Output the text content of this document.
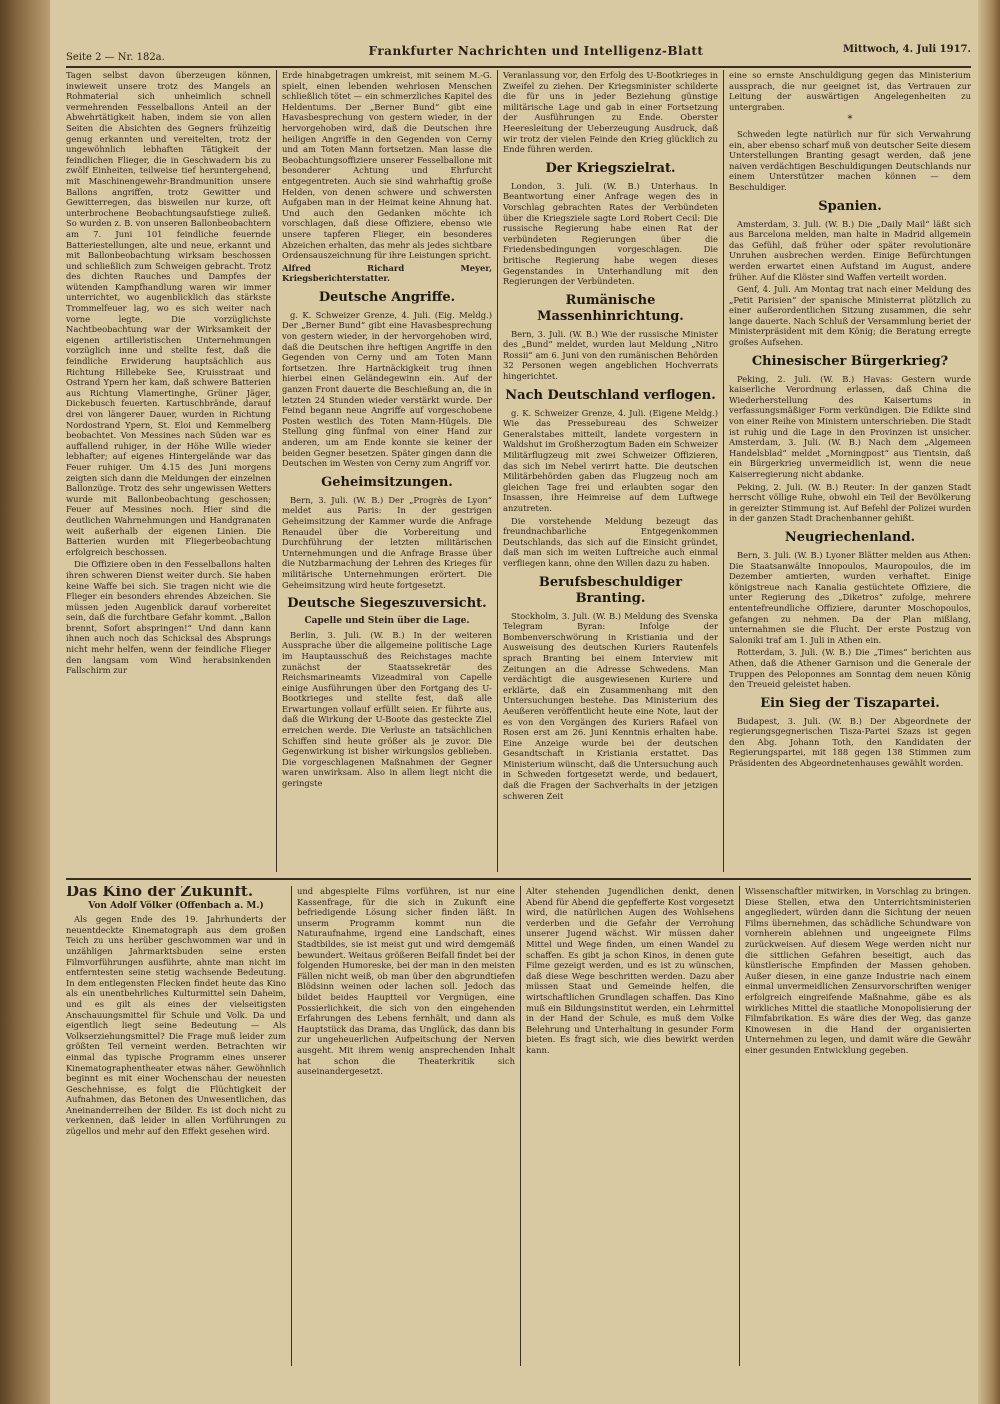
Seite 2 — Nr. 182a.	Frankfurter Nachrichten und Intelligenz-Blatt	Mittwoch, 4. Juli 1917.

Tagen selbst davon überzeugen können, inwieweit unsere trotz des Mangels an Rohmaterial sich unheimlich schnell vermehrenden Fesselballons Anteil an der Abwehrtätigkeit haben, indem sie von allen Seiten die Absichten des Gegners frühzeitig genug erkannten und vereitelten, trotz der ungewöhnlich lebhaften Tätigkeit der feindlichen Flieger, die in Geschwadern bis zu zwölf Einheiten, teilweise tief heruntergehend, mit Maschinengewehr-Brandmunition unsere Ballons angriffen, trotz Gewitter und Gewitterregen, das bisweilen nur kurze, oft unterbrochene Beobachtungsaufstiege zuließ. So wurden z. B. von unseren Ballonbeobachtern am 7. Juni 101 feindliche feuernde Batteriestellungen, alte und neue, erkannt und mit Ballonbeobachtung wirksam beschossen und schließlich zum Schweigen gebracht. Trotz des dichten Rauches und Dampfes der wütenden Kampfhandlung waren wir immer unterrichtet, wo augenblicklich das stärkste Trommelfeuer lag, wo es sich weiter nach vorne legte. Die vorzüglichste Nachtbeobachtung war der Wirksamkeit der eigenen artilleristischen Unternehmungen vorzüglich inne und stellte fest, daß die feindliche Erwiderung hauptsächlich aus Richtung Hillebeke See, Kruisstraat und Ostrand Ypern her kam, daß schwere Batterien aus Richtung Vlamertinghe, Grüner Jäger, Dickebusch feuerten. Kartuschbrände, darauf drei von längerer Dauer, wurden in Richtung Nordostrand Ypern, St. Eloi und Kemmelberg beobachtet. Von Messines nach Süden war es auffallend ruhiger, in der Höhe Wille wieder lebhafter; auf eigenes Hintergelände war das Feuer ruhiger. Um 4.15 des Juni morgens zeigten sich dann die Meldungen der einzelnen Ballonzüge. Trotz des sehr ungewissen Wetters wurde mit Ballonbeobachtung geschossen; Feuer auf Messines noch. Hier sind die deutlichen Wahrnehmungen und Handgranaten weit außerhalb der eigenen Linien. Die Batterien wurden mit Fliegerbeobachtung erfolgreich beschossen.

Die Offiziere oben in den Fesselballons halten ihren schweren Dienst weiter durch. Sie haben keine Waffe bei sich. Sie tragen nicht wie die Flieger ein besonders ehrendes Abzeichen. Sie müssen jeden Augenblick darauf vorbereitet sein, daß die furchtbare Gefahr kommt. „Ballon brennt, Sofort abspringen!“ Und dann kann ihnen auch noch das Schicksal des Absprungs nicht mehr helfen, wenn der feindliche Flieger den langsam vom Wind herabsinkenden Fallschirm zur

Erde hinabgetragen umkreist, mit seinem M.-G. spielt, einen lebenden wehrlosen Menschen schließlich tötet — ein schmerzliches Kapitel des Heldentums. Der „Berner Bund“ gibt eine Havasbesprechung von gestern wieder, in der hervorgehoben wird, daß die Deutschen ihre heiligen Angriffe in den Gegenden von Cerny und am Toten Mann fortsetzen. Man lasse die Beobachtungsoffiziere unserer Fesselballone mit besonderer Achtung und Ehrfurcht entgegentreten. Auch sie sind wahrhaftig große Helden, von denen schwere und schwersten Aufgaben man in der Heimat keine Ahnung hat. Und auch den Gedanken möchte ich vorschlagen, daß diese Offiziere, ebenso wie unsere tapferen Flieger, ein besonderes Abzeichen erhalten, das mehr als jedes sichtbare Ordensauszeichnung für ihre Leistungen spricht.

Alfred Richard Meyer, Kriegsberichterstatter.

Deutsche Angriffe.

g. K. Schweizer Grenze, 4. Juli. (Eig. Meldg.) Der „Berner Bund“ gibt eine Havasbesprechung von gestern wieder, in der hervorgehoben wird, daß die Deutschen ihre heftigen Angriffe in den Gegenden von Cerny und am Toten Mann fortsetzen. Ihre Hartnäckigkeit trug ihnen hierbei einen Geländegewinn ein. Auf der ganzen Front dauerte die Beschießung an, die in letzten 24 Stunden wieder verstärkt wurde. Der Feind begann neue Angriffe auf vorgeschobene Posten westlich des Toten Mann-Hügels. Die Stellung ging fünfmal von einer Hand zur anderen, um am Ende konnte sie keiner der beiden Gegner besetzen. Später gingen dann die Deutschen im Westen von Cerny zum Angriff vor.

Geheimsitzungen.

Bern, 3. Juli. (W. B.) Der „Progrès de Lyon“ meldet aus Paris: In der gestrigen Geheimsitzung der Kammer wurde die Anfrage Renaudel über die Vorbereitung und Durchführung der letzten militärischen Unternehmungen und die Anfrage Brasse über die Nutzbarmachung der Lehren des Krieges für militärische Unternehmungen erörtert. Die Geheimsitzung wird heute fortgesetzt.

Deutsche Siegeszuversicht.
Capelle und Stein über die Lage.

Berlin, 3. Juli. (W. B.) In der weiteren Aussprache über die allgemeine politische Lage im Hauptausschuß des Reichstages machte zunächst der Staatssekretär des Reichsmarineamts Vizeadmiral von Capelle einige Ausführungen über den Fortgang des U-Bootkrieges und stellte fest, daß alle Erwartungen vollauf erfüllt seien. Er führte aus, daß die Wirkung der U-Boote das gesteckte Ziel erreichen werde. Die Verluste an tatsächlichen Schiffen sind heute größer als je zuvor. Die Gegenwirkung ist bisher wirkungslos geblieben. Die vorgeschlagenen Maßnahmen der Gegner waren unwirksam. Also in allem liegt nicht die geringste

Veranlassung vor, den Erfolg des U-Bootkrieges in Zweifel zu ziehen. Der Kriegsminister schilderte die für uns in jeder Beziehung günstige militärische Lage und gab in einer Fortsetzung der Ausführungen zu Ende. Oberster Heeresleitung der Ueberzeugung Ausdruck, daß wir trotz der vielen Feinde den Krieg glücklich zu Ende führen werden.

Der Kriegszielrat.

London, 3. Juli. (W. B.) Unterhaus. In Beantwortung einer Anfrage wegen des in Vorschlag gebrachten Rates der Verbündeten über die Kriegsziele sagte Lord Robert Cecil: Die russische Regierung habe einen Rat der verbündeten Regierungen über die Friedensbedingungen vorgeschlagen. Die britische Regierung habe wegen dieses Gegenstandes in Unterhandlung mit den Regierungen der Verbündeten.

Rumänische Massenhinrichtung.

Bern, 3. Juli. (W. B.) Wie der russische Minister des „Bund“ meldet, wurden laut Meldung „Nitro Rossii“ am 6. Juni von den rumänischen Behörden 32 Personen wegen angeblichen Hochverrats hingerichtet.

Nach Deutschland verflogen.

g. K. Schweizer Grenze, 4. Juli. (Eigene Meldg.) Wie das Pressebureau des Schweizer Generalstabes mitteilt, landete vorgestern in Waldshut im Großherzogtum Baden ein Schweizer Militärflugzeug mit zwei Schweizer Offizieren, das sich im Nebel verirrt hatte. Die deutschen Militärbehörden gaben das Flugzeug noch am gleichen Tage frei und erlaubten sogar den Insassen, ihre Heimreise auf dem Luftwege anzutreten.

Die vorstehende Meldung bezeugt das freundnachbarliche Entgegenkommen Deutschlands, das sich auf die Einsicht gründet, daß man sich im weiten Luftreiche auch einmal verfliegen kann, ohne den Willen dazu zu haben.

Berufsbeschuldiger Branting.

Stockholm, 3. Juli. (W. B.) Meldung des Svenska Telegram Byran: Infolge der Bombenverschwörung in Kristiania und der Ausweisung des deutschen Kuriers Rautenfels sprach Branting bei einem Interview mit Zeitungen an die Adresse Schwedens. Man verdächtigt die ausgewiesenen Kuriere und erklärte, daß ein Zusammenhang mit den Untersuchungen bestehe. Das Ministerium des Aeußeren veröffentlicht heute eine Note, laut der es von den Vorgängen des Kuriers Rafael von Rosen erst am 26. Juni Kenntnis erhalten habe. Eine Anzeige wurde bei der deutschen Gesandtschaft in Kristiania erstattet. Das Ministerium wünscht, daß die Untersuchung auch in Schweden fortgesetzt werde, und bedauert, daß die Fragen der Sachverhalts in der jetzigen schweren Zeit

eine so ernste Anschuldigung gegen das Ministerium aussprach, die nur geeignet ist, das Vertrauen zur Leitung der auswärtigen Angelegenheiten zu untergraben.

*

Schweden legte natürlich nur für sich Verwahrung ein, aber ebenso scharf muß von deutscher Seite diesem Unterstellungen Branting gesagt werden, daß jene naiven verdächtigen Beschuldigungen Deutschlands nur einem Unterstützer machen können — dem Beschuldiger.

Spanien.

Amsterdam, 3. Juli. (W. B.) Die „Daily Mail“ läßt sich aus Barcelona melden, man halte in Madrid allgemein das Gefühl, daß früher oder später revolutionäre Unruhen ausbrechen werden. Einige Befürchtungen werden erwartet einen Aufstand im August, andere früher. Auf die Klöster sind Waffen verteilt worden.

Genf, 4. Juli. Am Montag trat nach einer Meldung des „Petit Parisien“ der spanische Ministerrat plötzlich zu einer außerordentlichen Sitzung zusammen, die sehr lange dauerte. Nach Schluß der Versammlung beriet der Ministerpräsident mit dem König; die Beratung erregte großes Aufsehen.

Chinesischer Bürgerkrieg?

Peking, 2. Juli. (W. B.) Havas: Gestern wurde kaiserliche Verordnung erlassen, daß China die Wiederherstellung des Kaisertums in verfassungsmäßiger Form verkündigen. Die Edikte sind von einer Reihe von Ministern unterschrieben. Die Stadt ist ruhig und die Lage in den Provinzen ist unsicher. Amsterdam, 3. Juli. (W. B.) Nach dem „Algemeen Handelsblad“ meldet „Morningpost“ aus Tientsin, daß ein Bürgerkrieg unvermeidlich ist, wenn die neue Kaiserregierung nicht abdanke.

Peking, 2. Juli. (W. B.) Reuter: In der ganzen Stadt herrscht völlige Ruhe, obwohl ein Teil der Bevölkerung in gereizter Stimmung ist. Auf Befehl der Polizei wurden in der ganzen Stadt Drachenbanner gehißt.

Neugriechenland.

Bern, 3. Juli. (W. B.) Lyoner Blätter melden aus Athen: Die Staatsanwälte Innopoulos, Mauropoulos, die im Dezember amtierten, wurden verhaftet. Einige königstreue nach Kanalia gestüchtete Offiziere, die unter Regierung des „Diketros“ zufolge, mehrere ententefreundliche Offiziere, darunter Moschopoulos, gefangen zu nehmen. Da der Plan mißlang, unternahmen sie die Flucht. Der erste Postzug von Saloniki traf am 1. Juli in Athen ein.

Rotterdam, 3. Juli. (W. B.) Die „Times“ berichten aus Athen, daß die Athener Garnison und die Generale der Truppen des Peloponnes am Sonntag dem neuen König den Treueid geleistet haben.

Ein Sieg der Tiszapartei.

Budapest, 3. Juli. (W. B.) Der Abgeordnete der regierungsgegnerischen Tisza-Partei Szazs ist gegen den Abg. Johann Toth, den Kandidaten der Regierungspartei, mit 188 gegen 138 Stimmen zum Präsidenten des Abgeordnetenhauses gewählt worden.

Das Kino der Zukunft.
Von Adolf Völker (Offenbach a. M.)

Als gegen Ende des 19. Jahrhunderts der neuentdeckte Kinematograph aus dem großen Teich zu uns herüber geschwommen war und in unzähligen Jahrmarktsbuden seine ersten Filmvorführungen ausführte, ahnte man nicht im entferntesten seine stetig wachsende Bedeutung. In dem entlegensten Flecken findet heute das Kino als ein unentbehrliches Kulturmittel sein Daheim, und es gilt als eines der vielseitigsten Anschauungsmittel für Schule und Volk. Da und eigentlich liegt seine Bedeutung — Als Volkserziehungsmittel? Die Frage muß leider zum größten Teil verneint werden. Betrachten wir einmal das typische Programm eines unserer Kinematographentheater etwas näher. Gewöhnlich beginnt es mit einer Wochenschau der neuesten Geschehnisse, es folgt die Flüchtigkeit der Aufnahmen, das Betonen des Unwesentlichen, das Aneinanderreihen der Bilder. Es ist doch nicht zu verkennen, daß leider in allen Vorführungen zu zügellos und mehr auf den Effekt gesehen wird.

und abgespielte Films vorführen, ist nur eine Kassenfrage, für die sich in Zukunft eine befriedigende Lösung sicher finden läßt. In unserm Programm kommt nun die Naturaufnahme, irgend eine Landschaft, eines Stadtbildes, sie ist meist gut und wird demgemäß bewundert. Weitaus größeren Beifall findet bei der folgenden Humoreske, bei der man in den meisten Fällen nicht weiß, ob man über den abgrundtiefen Blödsinn weinen oder lachen soll. Jedoch das bildet beides Hauptteil vor Vergnügen, eine Possierlichkeit, die sich von den eingehenden Erfahrungen des Lebens fernhält, und dann als Hauptstück das Drama, das Unglück, das dann bis zur ungeheuerlichen Aufpeitschung der Nerven ausgeht. Mit ihrem wenig ansprechenden Inhalt hat schon die Theaterkritik sich auseinandergesetzt.

Alter stehenden Jugendlichen denkt, denen Abend für Abend die gepfefferte Kost vorgesetzt wird, die natürlichen Augen des Wohlsehens verderben und die Gefahr der Verrohung unserer Jugend wächst. Wir müssen daher Mittel und Wege finden, um einen Wandel zu schaffen. Es gibt ja schon Kinos, in denen gute Filme gezeigt werden, und es ist zu wünschen, daß diese Wege beschritten werden. Dazu aber müssen Staat und Gemeinde helfen, die wirtschaftlichen Grundlagen schaffen. Das Kino muß ein Bildungsinstitut werden, ein Lehrmittel in der Hand der Schule, es muß dem Volke Belehrung und Unterhaltung in gesunder Form bieten. Es fragt sich, wie dies bewirkt werden kann.

Wissenschaftler mitwirken, in Vorschlag zu bringen. Diese Stellen, etwa den Unterrichtsministerien angegliedert, würden dann die Sichtung der neuen Films übernehmen, das schädliche Schundware von vornherein ablehnen und ungeeignete Films zurückweisen. Auf diesem Wege werden nicht nur die sittlichen Gefahren beseitigt, auch das künstlerische Empfinden der Massen gehoben. Außer diesen, in eine ganze Industrie nach einem einmal unvermeidlichen Zensurvorschriften weniger erfolgreich eingreifende Maßnahme, gäbe es als wirkliches Mittel die staatliche Monopolisierung der Filmfabrikation. Es wäre dies der Weg, das ganze Kinowesen in die Hand der organisierten Unternehmen zu legen, und damit wäre die Gewähr einer gesunden Entwicklung gegeben.
